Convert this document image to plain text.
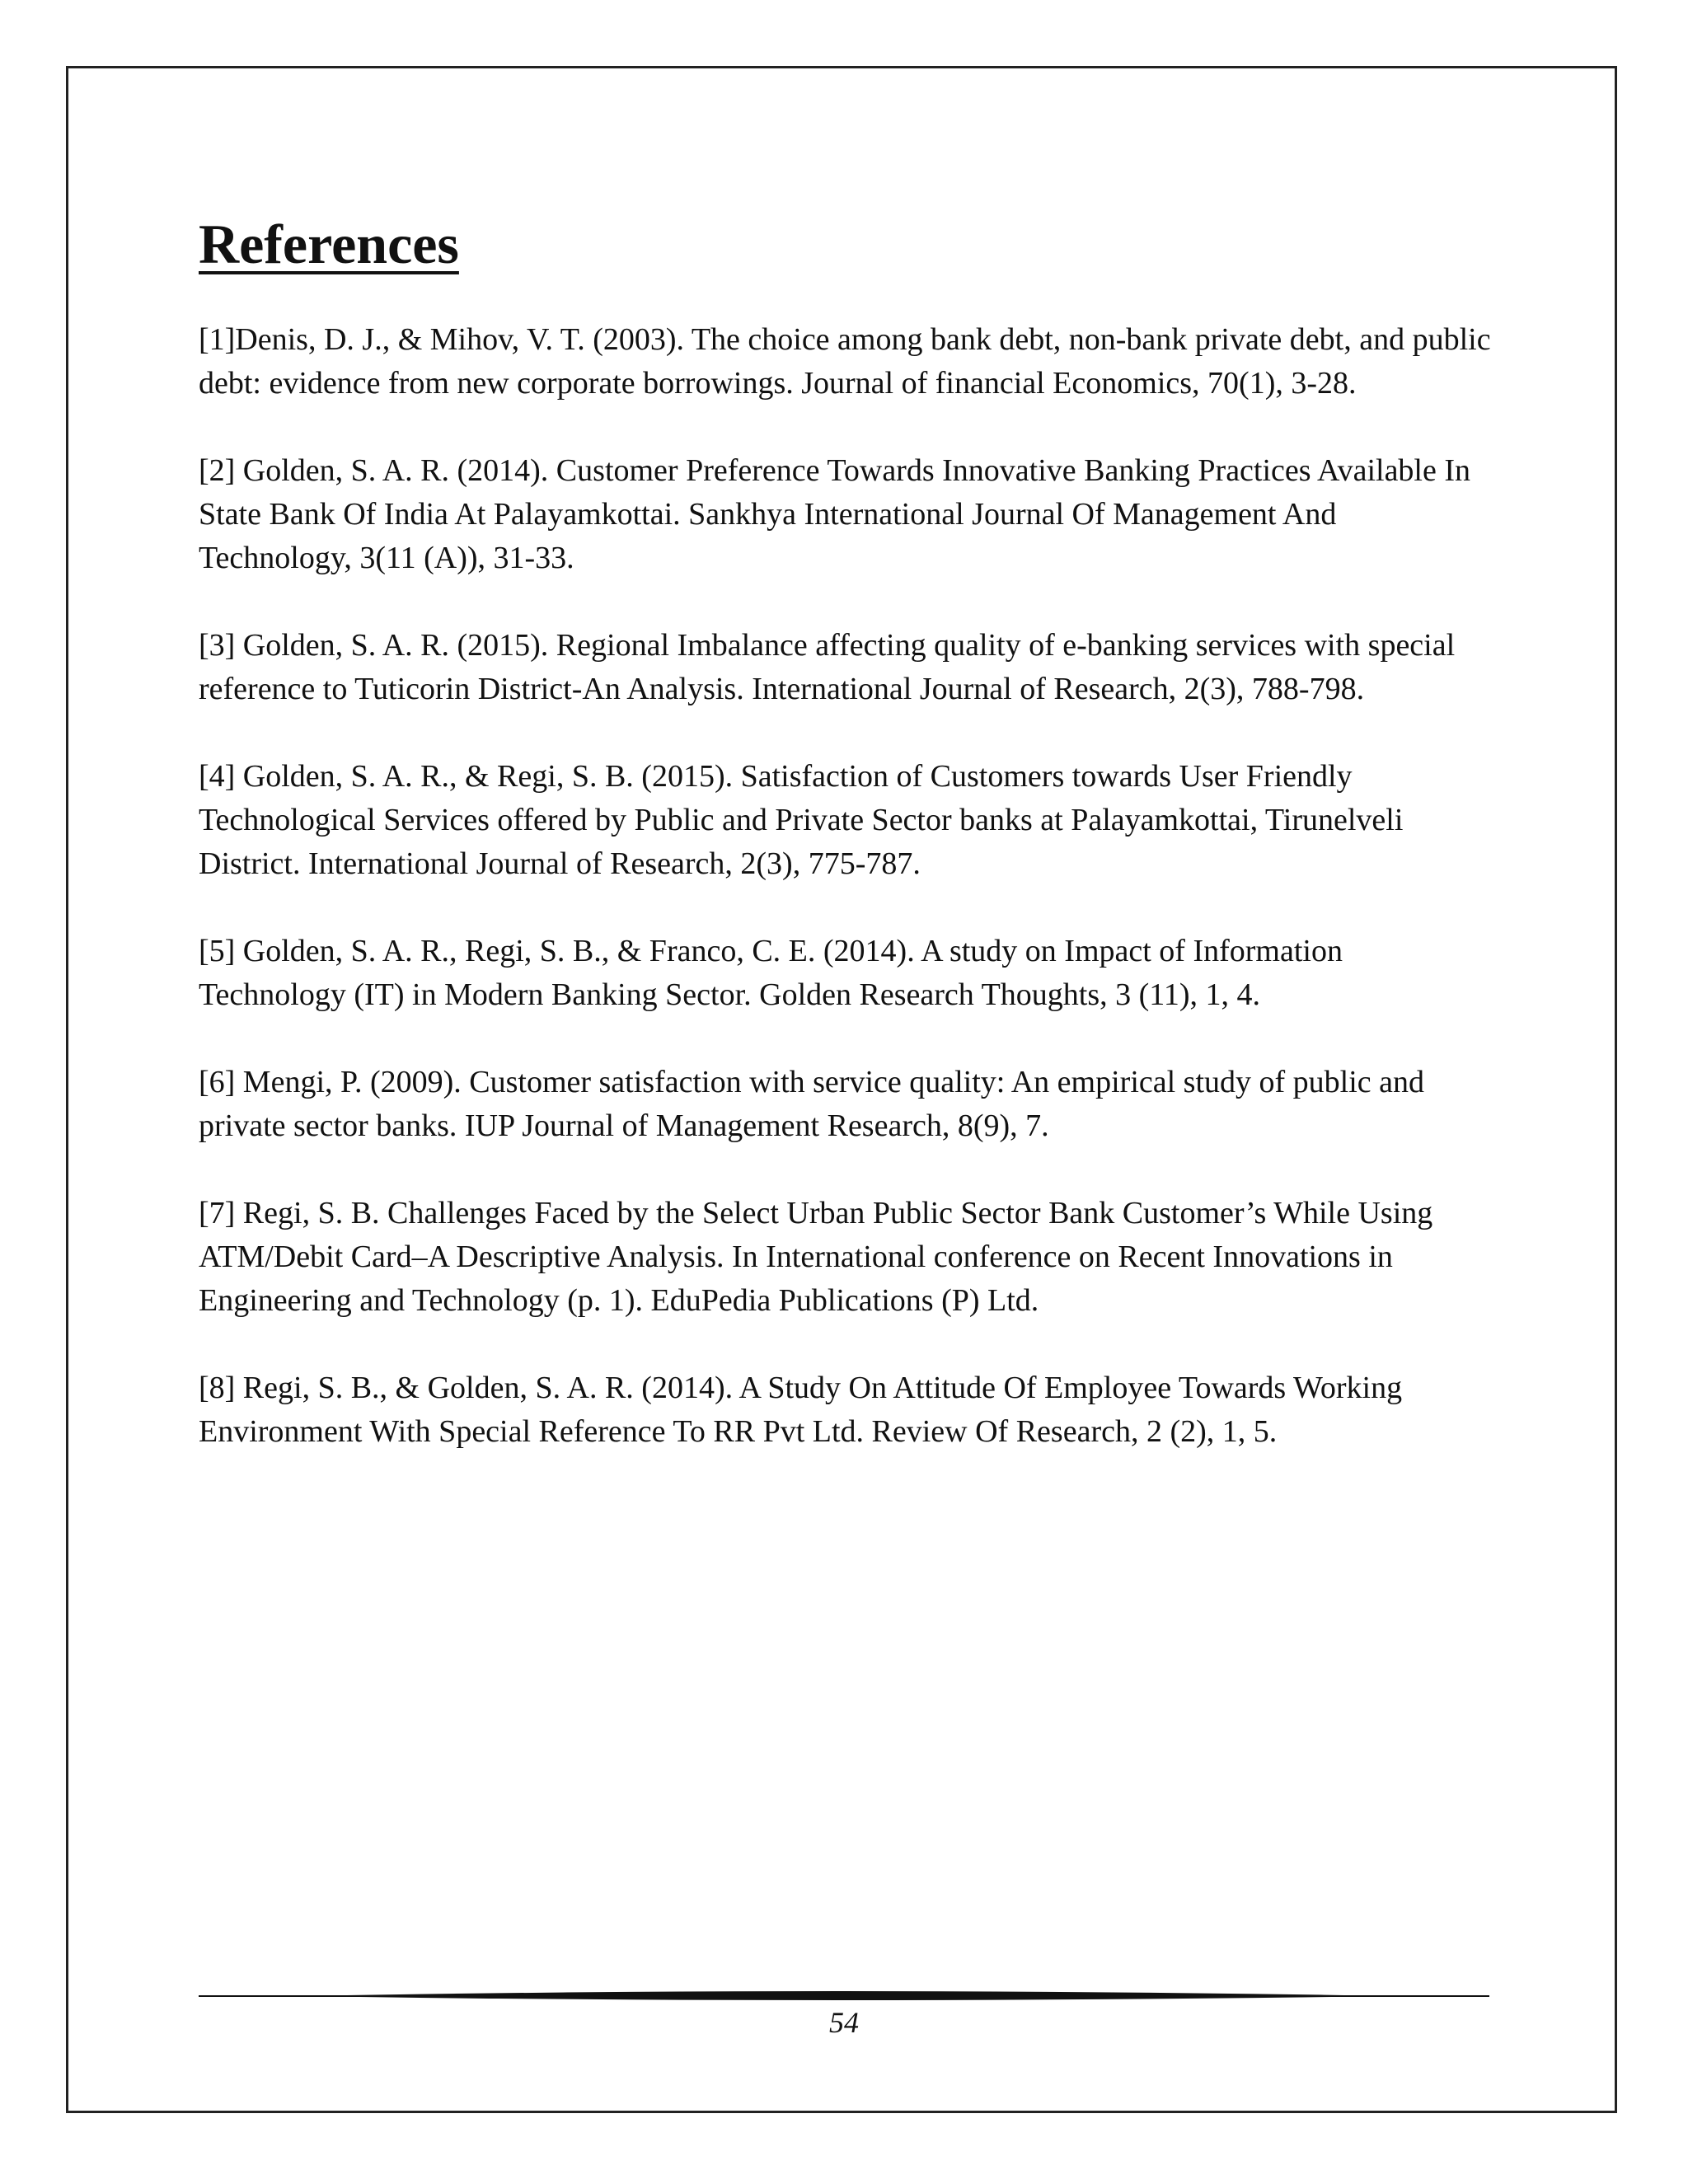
References
[1]Denis, D. J., & Mihov, V. T. (2003). The choice among bank debt, non-bank private debt, and public debt: evidence from new corporate borrowings. Journal of financial Economics, 70(1), 3-28.
[2] Golden, S. A. R. (2014). Customer Preference Towards Innovative Banking Practices Available In State Bank Of India At Palayamkottai. Sankhya International Journal Of Management And Technology, 3(11 (A)), 31-33.
[3] Golden, S. A. R. (2015). Regional Imbalance affecting quality of e-banking services with special reference to Tuticorin District-An Analysis. International Journal of Research, 2(3), 788-798.
[4] Golden, S. A. R., & Regi, S. B. (2015). Satisfaction of Customers towards User Friendly Technological Services offered by Public and Private Sector banks at Palayamkottai, Tirunelveli District. International Journal of Research, 2(3), 775-787.
[5] Golden, S. A. R., Regi, S. B., & Franco, C. E. (2014). A study on Impact of Information Technology (IT) in Modern Banking Sector. Golden Research Thoughts, 3 (11), 1, 4.
[6] Mengi, P. (2009). Customer satisfaction with service quality: An empirical study of public and private sector banks. IUP Journal of Management Research, 8(9), 7.
[7] Regi, S. B. Challenges Faced by the Select Urban Public Sector Bank Customer’s While Using ATM/Debit Card–A Descriptive Analysis. In International conference on Recent Innovations in Engineering and Technology (p. 1). EduPedia Publications (P) Ltd.
[8] Regi, S. B., & Golden, S. A. R. (2014). A Study On Attitude Of Employee Towards Working Environment With Special Reference To RR Pvt Ltd. Review Of Research, 2 (2), 1, 5.
54
